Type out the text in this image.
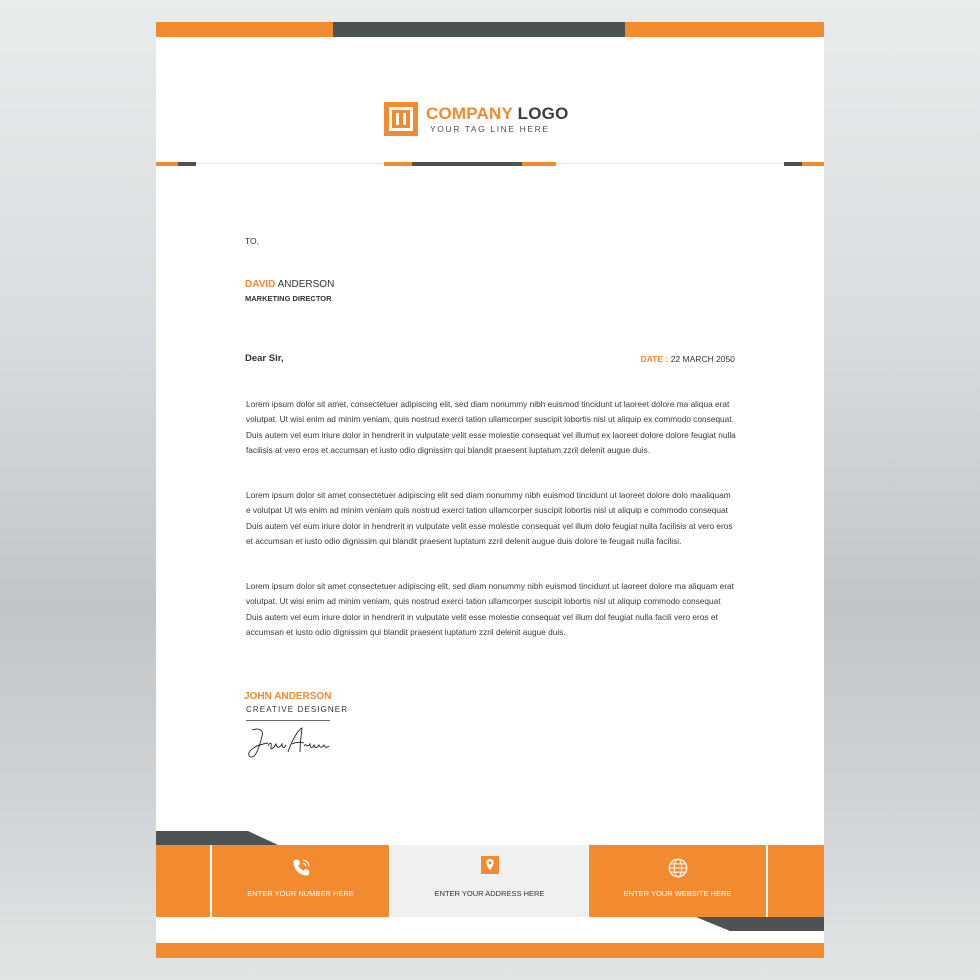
COMPANY LOGO
YOUR TAG LINE HERE
TO,
DAVID ANDERSON
MARKETING DIRECTOR
Dear Sir,	DATE : 22 MARCH 2050
Lorem ipsum dolor sit amet, consectetuer adipiscing elit, sed diam nonummy nibh euismod tincidunt ut laoreet dolore ma aliqua erat volutpat. Ut wisi enim ad minim veniam, quis nostrud exerci tation ullamcorper suscipit lobortis nisl ut aliquip ex commodo consequat. Duis autem vel eum iriure dolor in hendrerit in vulputate velit esse molestie consequat vel illumut ex laoreet dolore dolore feugiat nulla facilisis at vero eros et accumsan et iusto odio dignissim qui blandit praesent luptatum zzril delenit augue duis.
Lorem ipsum dolor sit amet consectetuer adipiscing elit sed diam nonummy nibh euismod tincidunt ut laoreet dolore dolo maaliquam e volutpat Ut wis enim ad minim veniam quis nostrud exerci tation ullamcorper suscipit lobortis nisl ut aliquip e commodo consequat Duis autem vel eum iriure dolor in hendrerit in vulputate velit esse molestie consequat vel illum dolo feugiat nulla facilisis at vero eros et accumsan et iusto odio dignissim qui blandit praesent luptatum zzril delenit augue duis dolore te feugait nulla facilisi.
Lorem ipsum dolor sit amet consectetuer adipiscing elit, sed diam nonummy nibh euismod tincidunt ut laoreet dolore ma aliquam erat volutpat. Ut wisi enim ad minim veniam, quis nostrud exerci tation ullamcorper suscipit lobortis nisl ut aliquip commodo consequat Duis autem vel eum iriure dolor in hendrerit in vulputate velit esse molestie consequat vel illum dol feugiat nulla facili vero eros et accumsan et iusto odio dignissim qui blandit praesent luptatum zzril delenit augue duis.
JOHN ANDERSON
CREATIVE DESIGNER
ENTER YOUR NUMBER HERE	ENTER YOUR ADDRESS HERE	ENTER YOUR WEBSITE HERE
